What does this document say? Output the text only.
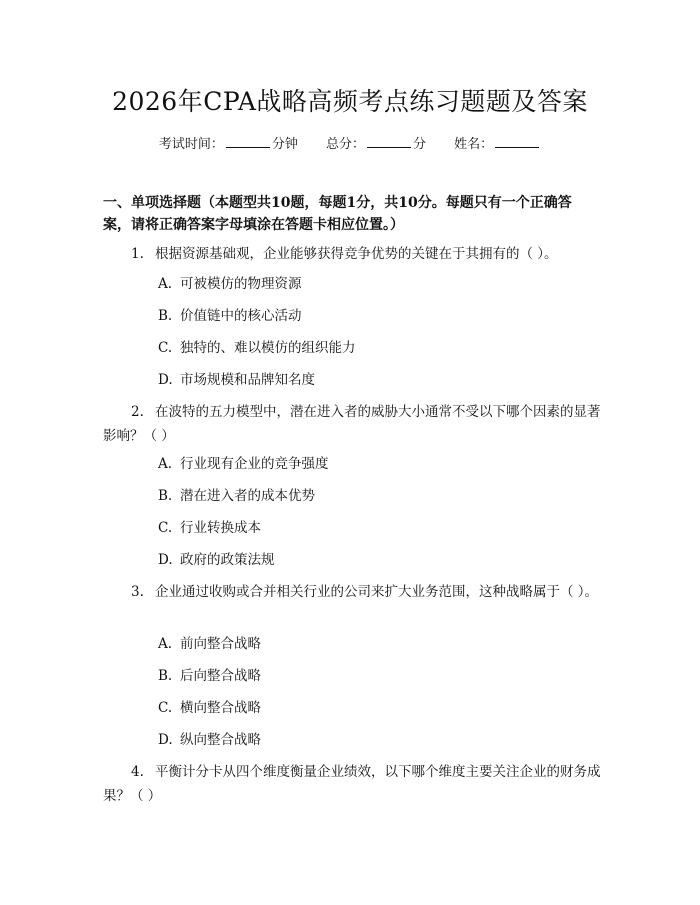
2026年CPA战略高频考点练习题题及答案
考试时间：	分钟 总分：	分 姓名：
一、单项选择题（本题型共10题，每题1分，共10分。每题只有一个正确答案，请将正确答案字母填涂在答题卡相应位置。）
1. 根据资源基础观，企业能够获得竞争优势的关键在于其拥有的（ ）。
A. 可被模仿的物理资源
B. 价值链中的核心活动
C. 独特的、难以模仿的组织能力
D. 市场规模和品牌知名度
2. 在波特的五力模型中，潜在进入者的威胁大小通常不受以下哪个因素的显著影响？（ ）
A. 行业现有企业的竞争强度
B. 潜在进入者的成本优势
C. 行业转换成本
D. 政府的政策法规
3. 企业通过收购或合并相关行业的公司来扩大业务范围，这种战略属于（ ）。
A. 前向整合战略
B. 后向整合战略
C. 横向整合战略
D. 纵向整合战略
4. 平衡计分卡从四个维度衡量企业绩效，以下哪个维度主要关注企业的财务成果？（ ）
